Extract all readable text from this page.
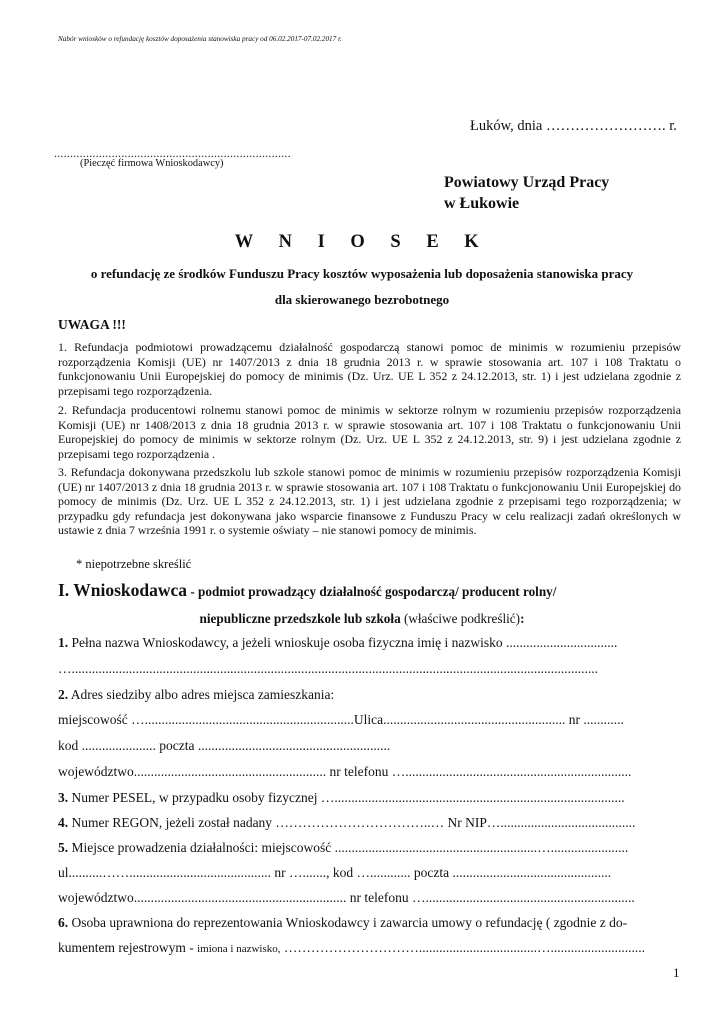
Nabór wniosków o refundację kosztów doposażenia stanowiska pracy od 06.02.2017-07.02.2017 r.
Łuków, dnia ……………………. r.
..........................................................................
(Pieczęć firmowa Wnioskodawcy)
Powiatowy Urząd Pracy
w Łukowie
W N I O S E K
o refundację ze środków Funduszu Pracy kosztów wyposażenia lub doposażenia stanowiska pracy
dla skierowanego bezrobotnego
UWAGA !!!
1. Refundacja podmiotowi prowadzącemu działalność gospodarczą stanowi pomoc de minimis w rozumieniu przepisów rozporządzenia Komisji (UE) nr 1407/2013 z dnia 18 grudnia 2013 r. w sprawie stosowania art. 107 i 108 Traktatu o funkcjonowaniu Unii Europejskiej do pomocy de minimis (Dz. Urz. UE L 352 z 24.12.2013, str. 1) i jest udzielana zgodnie z przepisami tego rozporządzenia.
2. Refundacja producentowi rolnemu stanowi pomoc de minimis w sektorze rolnym w rozumieniu przepisów rozporządzenia Komisji (UE) nr 1408/2013 z dnia 18 grudnia 2013 r. w sprawie stosowania art. 107 i 108 Traktatu o funkcjonowaniu Unii Europejskiej do pomocy de minimis w sektorze rolnym (Dz. Urz. UE L 352 z 24.12.2013, str. 9) i jest udzielana zgodnie z przepisami tego rozporządzenia .
3. Refundacja dokonywana przedszkolu lub szkole stanowi pomoc de minimis w rozumieniu przepisów rozporządzenia Komisji (UE) nr 1407/2013 z dnia 18 grudnia 2013 r. w sprawie stosowania art. 107 i 108 Traktatu o funkcjonowaniu Unii Europejskiej do pomocy de minimis (Dz. Urz. UE L 352 z 24.12.2013, str. 1) i jest udzielana zgodnie z przepisami tego rozporządzenia; w przypadku gdy refundacja jest dokonywana jako wsparcie finansowe z Funduszu Pracy w celu realizacji zadań określonych w ustawie z dnia 7 września 1991 r. o systemie oświaty – nie stanowi pomocy de minimis.
* niepotrzebne skreślić
I. Wnioskodawca - podmiot prowadzący działalność gospodarczą/ producent rolny/
niepubliczne przedszkole lub szkoła (właściwe podkreślić):
1. Pełna nazwa Wnioskodawcy, a jeżeli wnioskuje osoba fizyczna imię i nazwisko .................................
…............................................................................................................................................................
2. Adres siedziby albo adres miejsca zamieszkania:
miejscowość …..............................................................Ulica...................................................... nr ............
kod ...................... poczta .........................................................
województwo......................................................... nr telefonu …...................................................................
3. Numer PESEL, w przypadku osoby fizycznej …......................................................................................
4. Numer REGON, jeżeli został nadany ……………………………..… Nr NIP…........................................
5. Miejsce prowadzenia działalności: miejscowość ............................................................….......................
ul..........…….......................................... nr …......., kod …............ poczta ...............................................
województwo............................................................... nr telefonu …..............................................................
6. Osoba uprawniona do reprezentowania Wnioskodawcy i zawarcia umowy o refundację ( zgodnie z do-
kumentem rejestrowym - imiona i nazwisko, …………………………...................................…............................
1
